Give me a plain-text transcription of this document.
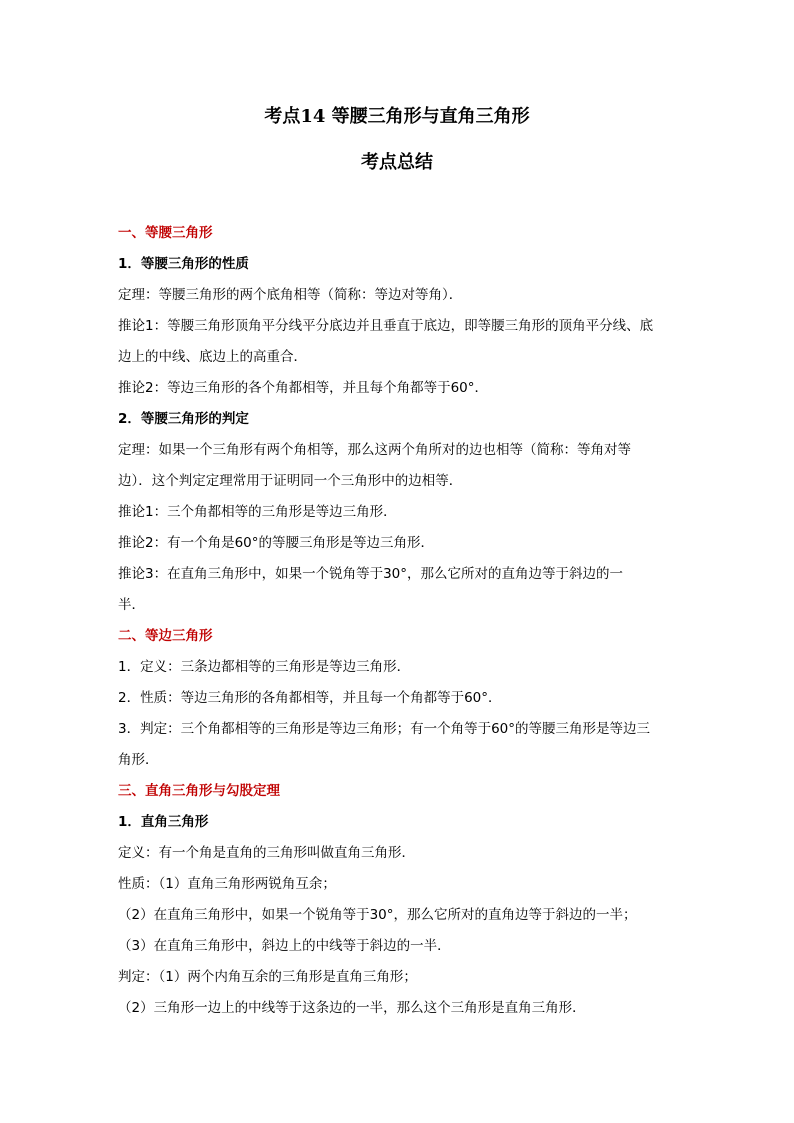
考点14 等腰三角形与直角三角形
考点总结

一、等腰三角形

1．等腰三角形的性质

定理：等腰三角形的两个底角相等（简称：等边对等角）．

推论1：等腰三角形顶角平分线平分底边并且垂直于底边，即等腰三角形的顶角平分线、底

边上的中线、底边上的高重合．

推论2：等边三角形的各个角都相等，并且每个角都等于60°．

2．等腰三角形的判定

定理：如果一个三角形有两个角相等，那么这两个角所对的边也相等（简称：等角对等

边）．这个判定定理常用于证明同一个三角形中的边相等．

推论1：三个角都相等的三角形是等边三角形．

推论2：有一个角是60°的等腰三角形是等边三角形．

推论3：在直角三角形中，如果一个锐角等于30°，那么它所对的直角边等于斜边的一

半．

二、等边三角形

1．定义：三条边都相等的三角形是等边三角形．

2．性质：等边三角形的各角都相等，并且每一个角都等于60°．

3．判定：三个角都相等的三角形是等边三角形；有一个角等于60°的等腰三角形是等边三

角形．

三、直角三角形与勾股定理

1．直角三角形

定义：有一个角是直角的三角形叫做直角三角形．

性质：（1）直角三角形两锐角互余；

（2）在直角三角形中，如果一个锐角等于30°，那么它所对的直角边等于斜边的一半；

（3）在直角三角形中，斜边上的中线等于斜边的一半．

判定：（1）两个内角互余的三角形是直角三角形；

（2）三角形一边上的中线等于这条边的一半，那么这个三角形是直角三角形．
